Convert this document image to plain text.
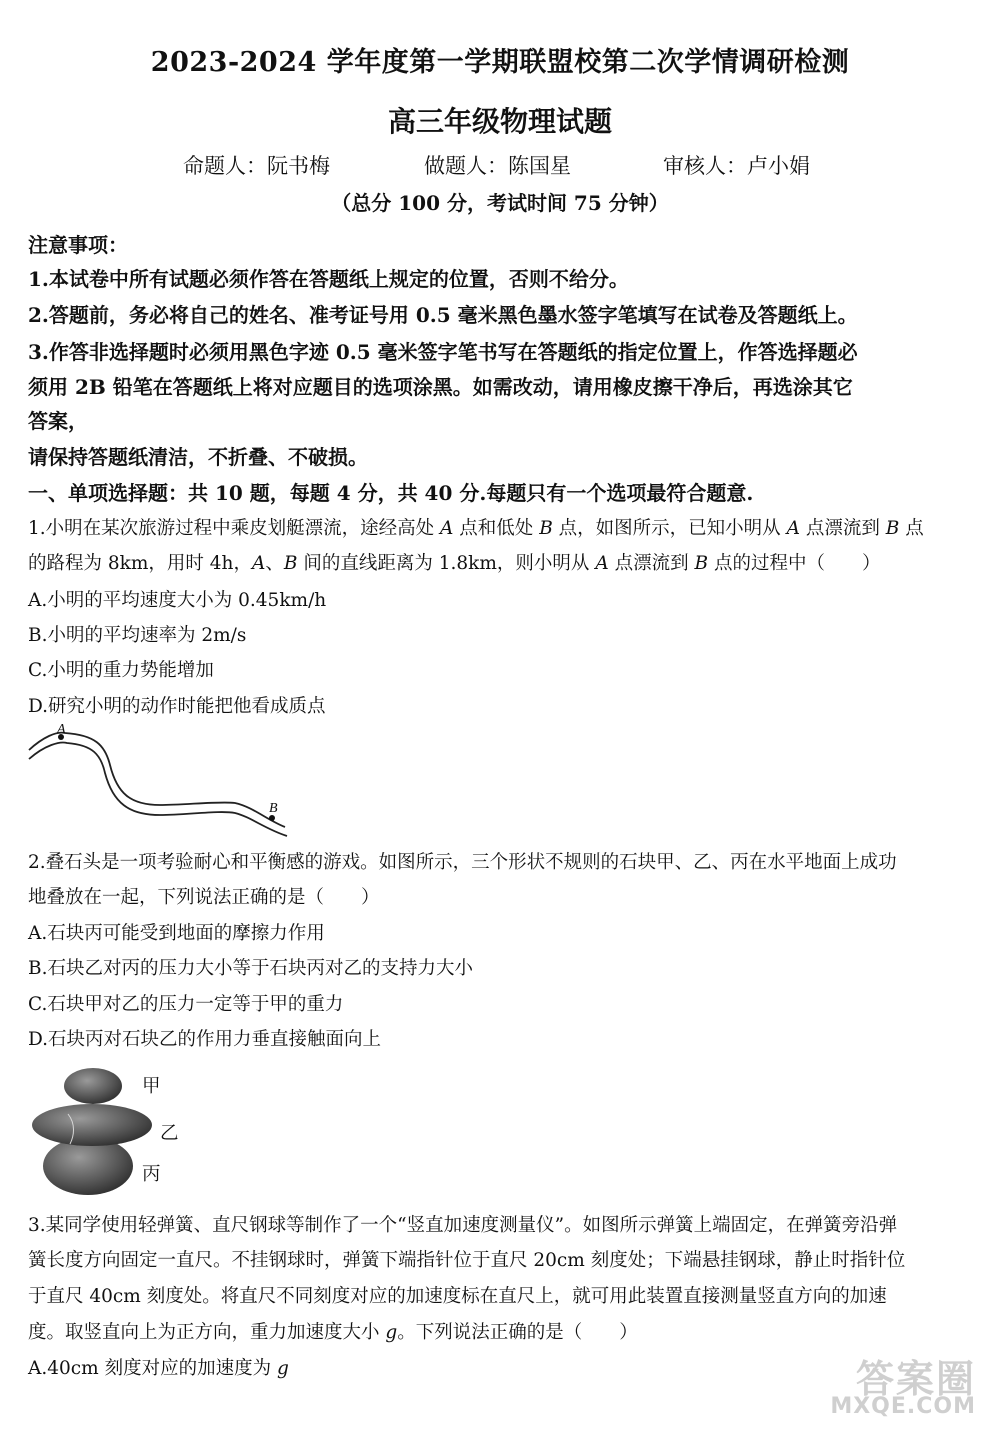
2023-2024 学年度第一学期联盟校第二次学情调研检测
高三年级物理试题
命题人：阮书梅	做题人：陈国星	审核人：卢小娟
（总分 100 分，考试时间 75 分钟）
注意事项：
1.本试卷中所有试题必须作答在答题纸上规定的位置，否则不给分。
2.答题前，务必将自己的姓名、准考证号用 0.5 毫米黑色墨水签字笔填写在试卷及答题纸上。
3.作答非选择题时必须用黑色字迹 0.5 毫米签字笔书写在答题纸的指定位置上，作答选择题必
须用 2B 铅笔在答题纸上将对应题目的选项涂黑。如需改动，请用橡皮擦干净后，再选涂其它
答案，
请保持答题纸清洁，不折叠、不破损。
一、单项选择题：共 10 题，每题 4 分，共 40 分.每题只有一个选项最符合题意.
1.小明在某次旅游过程中乘皮划艇漂流，途经高处 A 点和低处 B 点，如图所示，已知小明从 A 点漂流到 B 点
的路程为 8km，用时 4h，A、B 间的直线距离为 1.8km，则小明从 A 点漂流到 B 点的过程中（　　）
A.小明的平均速度大小为 0.45km/h
B.小明的平均速率为 2m/s
C.小明的重力势能增加
D.研究小明的动作时能把他看成质点
A
B
2.叠石头是一项考验耐心和平衡感的游戏。如图所示，三个形状不规则的石块甲、乙、丙在水平地面上成功
地叠放在一起，下列说法正确的是（　　）
A.石块丙可能受到地面的摩擦力作用
B.石块乙对丙的压力大小等于石块丙对乙的支持力大小
C.石块甲对乙的压力一定等于甲的重力
D.石块丙对石块乙的作用力垂直接触面向上
甲
乙
丙
3.某同学使用轻弹簧、直尺钢球等制作了一个“竖直加速度测量仪”。如图所示弹簧上端固定，在弹簧旁沿弹
簧长度方向固定一直尺。不挂钢球时，弹簧下端指针位于直尺 20cm 刻度处；下端悬挂钢球，静止时指针位
于直尺 40cm 刻度处。将直尺不同刻度对应的加速度标在直尺上，就可用此装置直接测量竖直方向的加速
度。取竖直向上为正方向，重力加速度大小 g。下列说法正确的是（　　）
A.40cm 刻度对应的加速度为 g	答案圈
MXQE.COM
